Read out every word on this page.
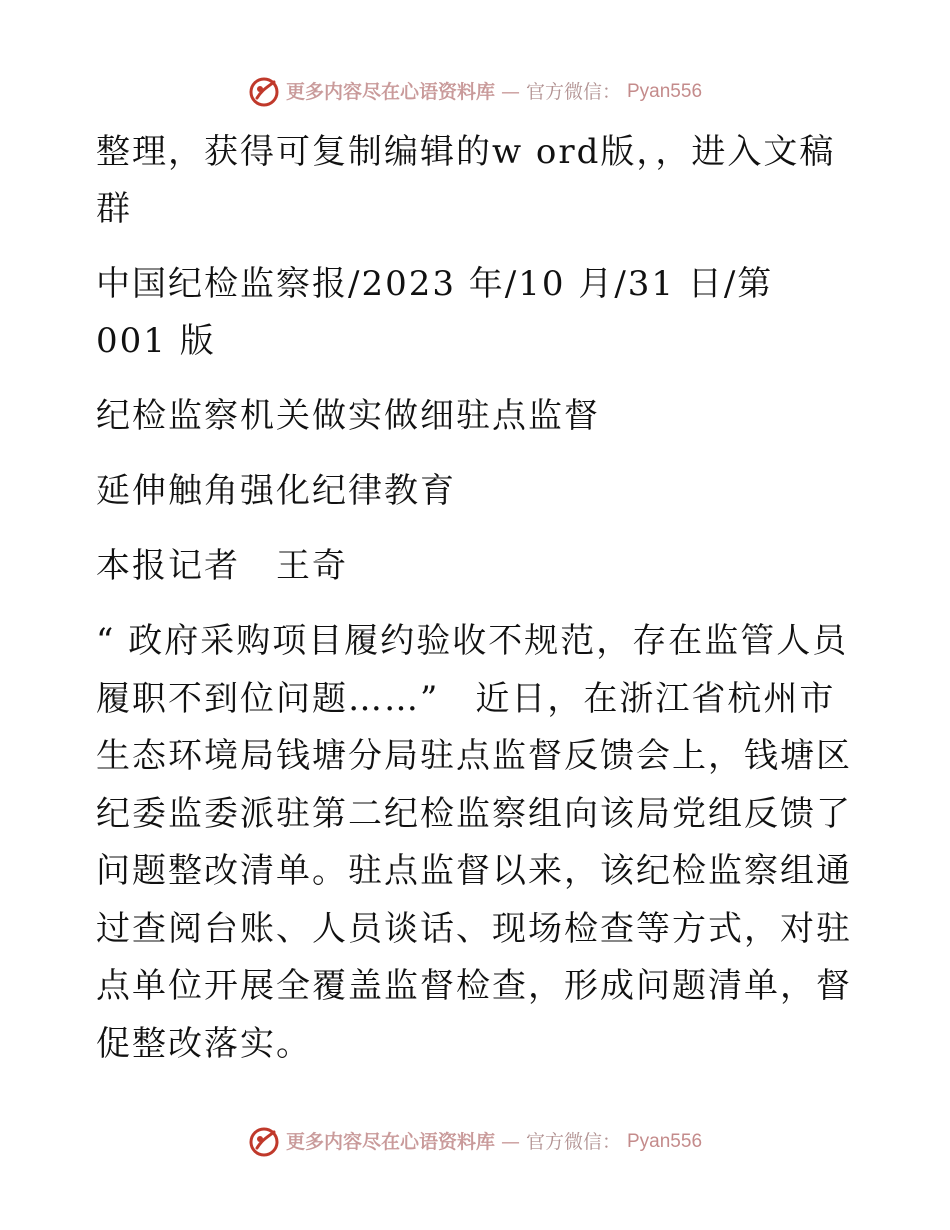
更多内容尽在心语资料库 — 官方微信： Pyan556

整理，获得可复制编辑的w ord版，，进入文稿群

中国纪检监察报/2023 年/10 月/31 日/第 001 版

纪检监察机关做实做细驻点监督

延伸触角强化纪律教育

本报记者　王奇

“ 政府采购项目履约验收不规范，存在监管人员履职不到位问题……”　近日，在浙江省杭州市生态环境局钱塘分局驻点监督反馈会上，钱塘区纪委监委派驻第二纪检监察组向该局党组反馈了问题整改清单。驻点监督以来，该纪检监察组通过查阅台账、人员谈话、现场检查等方式，对驻点单位开展全覆盖监督检查，形成问题清单，督促整改落实。

更多内容尽在心语资料库 — 官方微信： Pyan556
